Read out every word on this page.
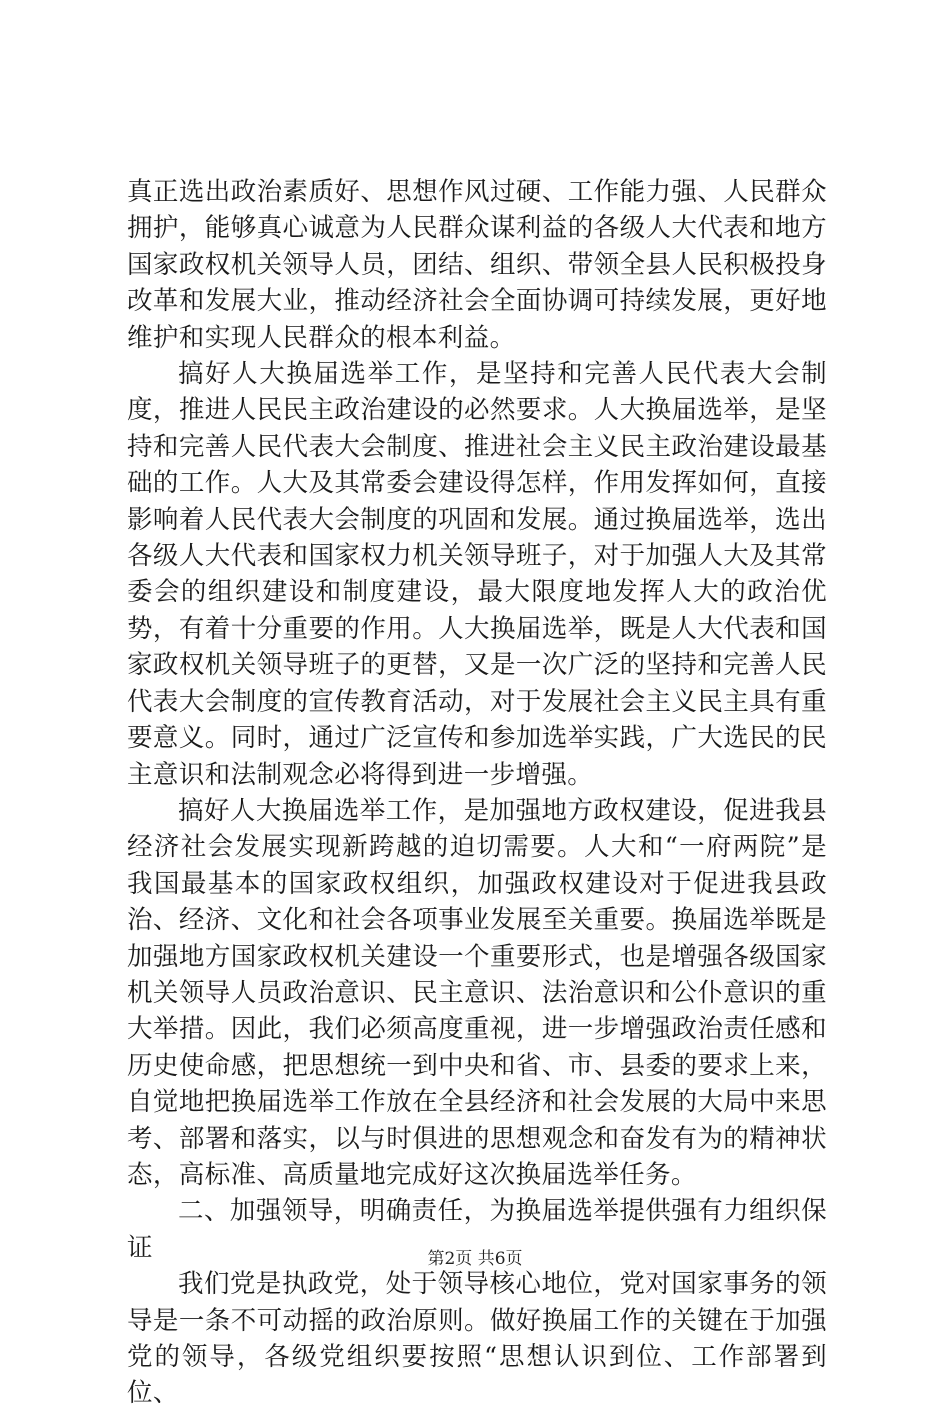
真正选出政治素质好、思想作风过硬、工作能力强、人民群众拥护，能够真心诚意为人民群众谋利益的各级人大代表和地方国家政权机关领导人员，团结、组织、带领全县人民积极投身改革和发展大业，推动经济社会全面协调可持续发展，更好地维护和实现人民群众的根本利益。

搞好人大换届选举工作，是坚持和完善人民代表大会制度，推进人民民主政治建设的必然要求。人大换届选举，是坚持和完善人民代表大会制度、推进社会主义民主政治建设最基础的工作。人大及其常委会建设得怎样，作用发挥如何，直接影响着人民代表大会制度的巩固和发展。通过换届选举，选出各级人大代表和国家权力机关领导班子，对于加强人大及其常委会的组织建设和制度建设，最大限度地发挥人大的政治优势，有着十分重要的作用。人大换届选举，既是人大代表和国家政权机关领导班子的更替，又是一次广泛的坚持和完善人民代表大会制度的宣传教育活动，对于发展社会主义民主具有重要意义。同时，通过广泛宣传和参加选举实践，广大选民的民主意识和法制观念必将得到进一步增强。

搞好人大换届选举工作，是加强地方政权建设，促进我县经济社会发展实现新跨越的迫切需要。人大和“一府两院”是我国最基本的国家政权组织，加强政权建设对于促进我县政治、经济、文化和社会各项事业发展至关重要。换届选举既是加强地方国家政权机关建设一个重要形式，也是增强各级国家机关领导人员政治意识、民主意识、法治意识和公仆意识的重大举措。因此，我们必须高度重视，进一步增强政治责任感和历史使命感，把思想统一到中央和省、市、县委的要求上来，自觉地把换届选举工作放在全县经济和社会发展的大局中来思考、部署和落实，以与时俱进的思想观念和奋发有为的精神状态，高标准、高质量地完成好这次换届选举任务。

二、加强领导，明确责任，为换届选举提供强有力组织保证

我们党是执政党，处于领导核心地位，党对国家事务的领导是一条不可动摇的政治原则。做好换届工作的关键在于加强党的领导，各级党组织要按照“思想认识到位、工作部署到位、

第2页 共6页
